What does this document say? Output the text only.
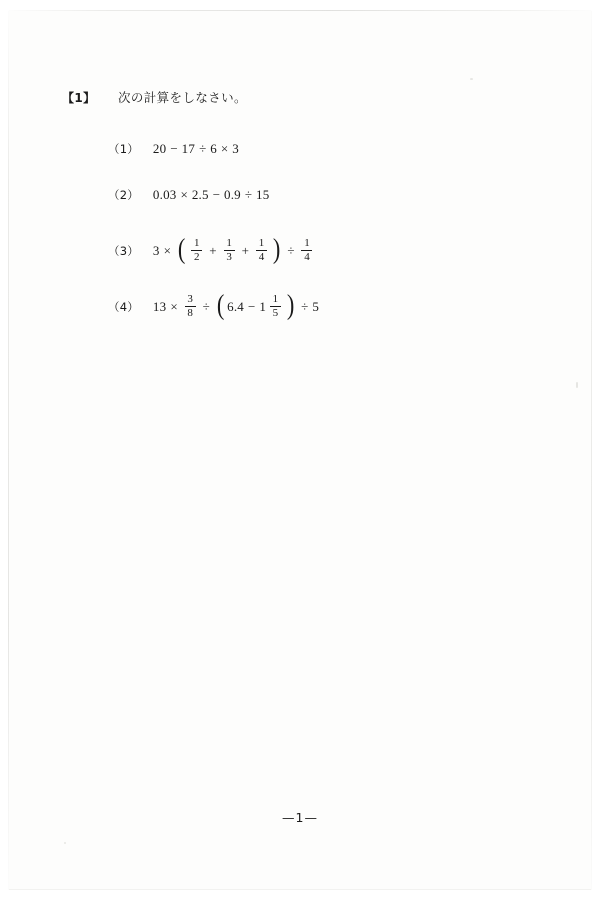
【1】 次の計算をしなさい。
（1） 20 − 17 ÷ 6 × 3
（2） 0.03 × 2.5 − 0.9 ÷ 15
（3） 3 × ( $\frac{1}{2} + \frac{1}{3} + \frac{1}{4}$ ) ÷ $\frac{1}{4}$
（4） $13 \times \frac{3}{8}$ ÷ ( $6.4 - 1 \frac{1}{5}$ ) ÷ 5
—1—
